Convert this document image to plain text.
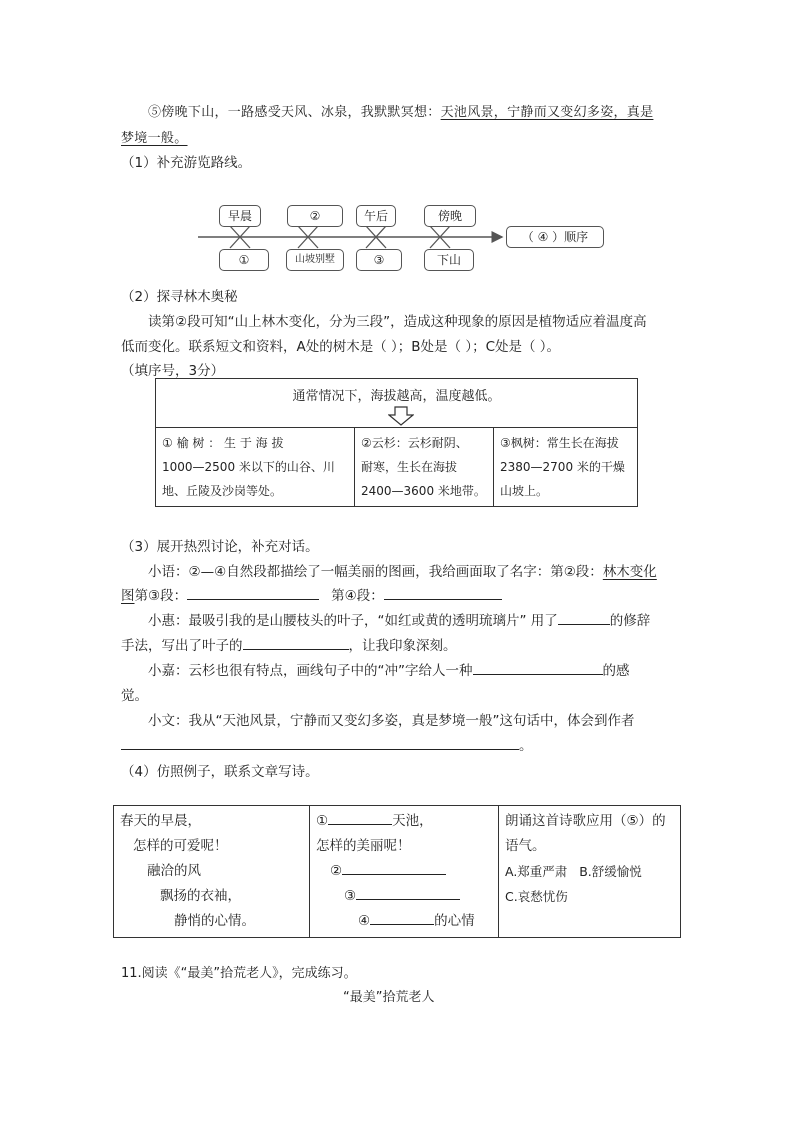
⑤傍晚下山，一路感受天风、冰泉，我默默冥想：天池风景，宁静而又变幻多姿，真是
梦境一般。
（1）补充游览路线。
早晨	②	午后	傍晚
①	山坡别墅	③	下山
（ ④ ）顺序
（2）探寻林木奥秘
读第②段可知“山上林木变化，分为三段”，造成这种现象的原因是植物适应着温度高
低而变化。联系短文和资料，A处的树木是（ ）；B处是（ ）；C处是（ ）。
（填序号，3分）
通常情况下，海拔越高，温度越低。

① 榆 树 ： 生 于 海 拔
1000—2500 米以下的山谷、川
地、丘陵及沙岗等处。

②云杉：云杉耐阴、
耐寒，生长在海拔
2400—3600 米地带。

③枫树：常生长在海拔
2380—2700 米的干燥
山坡上。
（3）展开热烈讨论，补充对话。
小语：②—④自然段都描绘了一幅美丽的图画，我给画面取了名字：第②段：林木变化
图第③段：	第④段：
小惠：最吸引我的是山腰枝头的叶子，“如红或黄的透明琉璃片” 用了	的修辞
手法，写出了叶子的	，让我印象深刻。
小嘉：云杉也很有特点，画线句子中的“冲”字给人一种	的感
觉。
小文：我从“天池风景，宁静而又变幻多姿，真是梦境一般”这句话中，体会到作者
。
（4）仿照例子，联系文章写诗。
春天的早晨，
怎样的可爱呢！
融洽的风
飘扬的衣袖，
静悄的心情。

①	天池，
怎样的美丽呢！
②
③
④	的心情

朗诵这首诗歌应用（⑤）的
语气。
A.郑重严肃 B.舒缓愉悦
C.哀愁忧伤
11.阅读《“最美”拾荒老人》，完成练习。
“最美”拾荒老人
